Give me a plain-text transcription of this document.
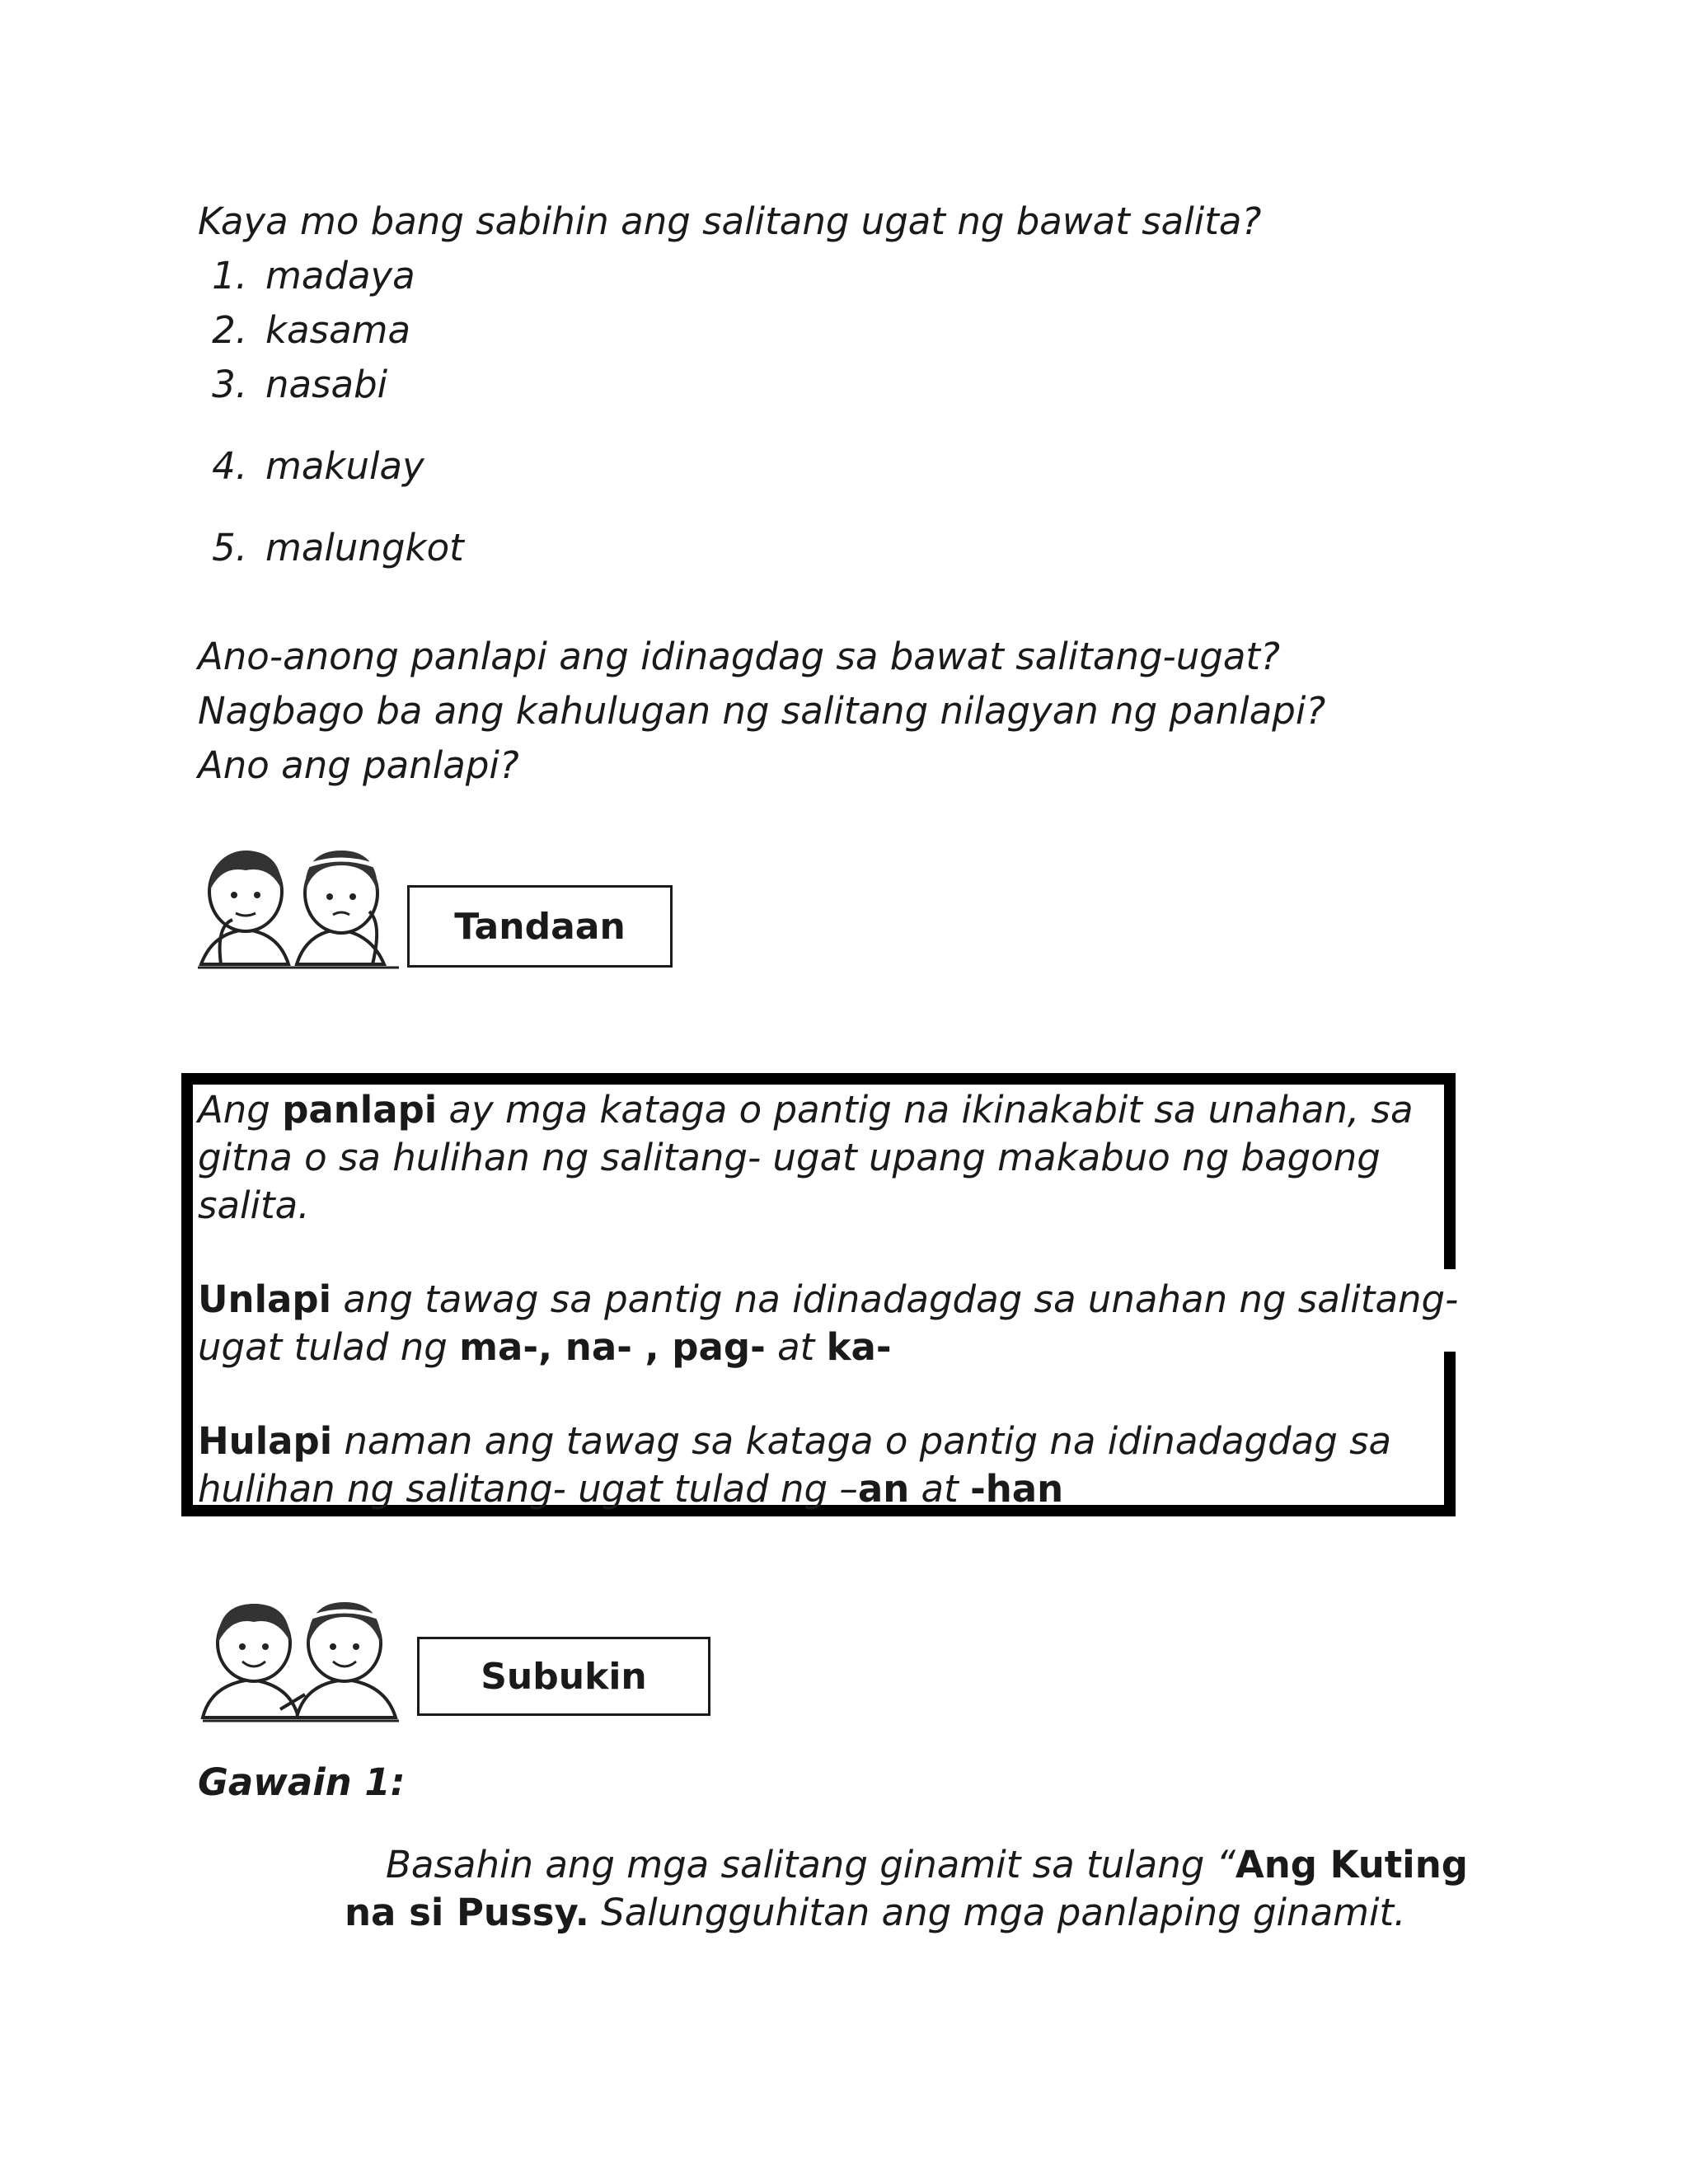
Kaya mo bang sabihin ang salitang ugat ng bawat salita?
1. madaya
2. kasama
3. nasabi
4. makulay
5. malungkot
Ano-anong panlapi ang idinagdag sa bawat salitang-ugat?
Nagbago ba ang kahulugan ng salitang nilagyan ng panlapi?
Ano ang panlapi?
Tandaan
Ang panlapi ay mga kataga o pantig na ikinakabit sa unahan, sa
gitna o sa hulihan ng salitang- ugat upang makabuo ng bagong
salita.
Unlapi ang tawag sa pantig na idinadagdag sa unahan ng salitang-
ugat tulad ng ma-, na- , pag- at ka-
Hulapi naman ang tawag sa kataga o pantig na idinadagdag sa
hulihan ng salitang- ugat tulad ng –an at -han
Subukin
Gawain 1:
Basahin ang mga salitang ginamit sa tulang “Ang Kuting
na si Pussy. Salungguhitan ang mga panlaping ginamit.
